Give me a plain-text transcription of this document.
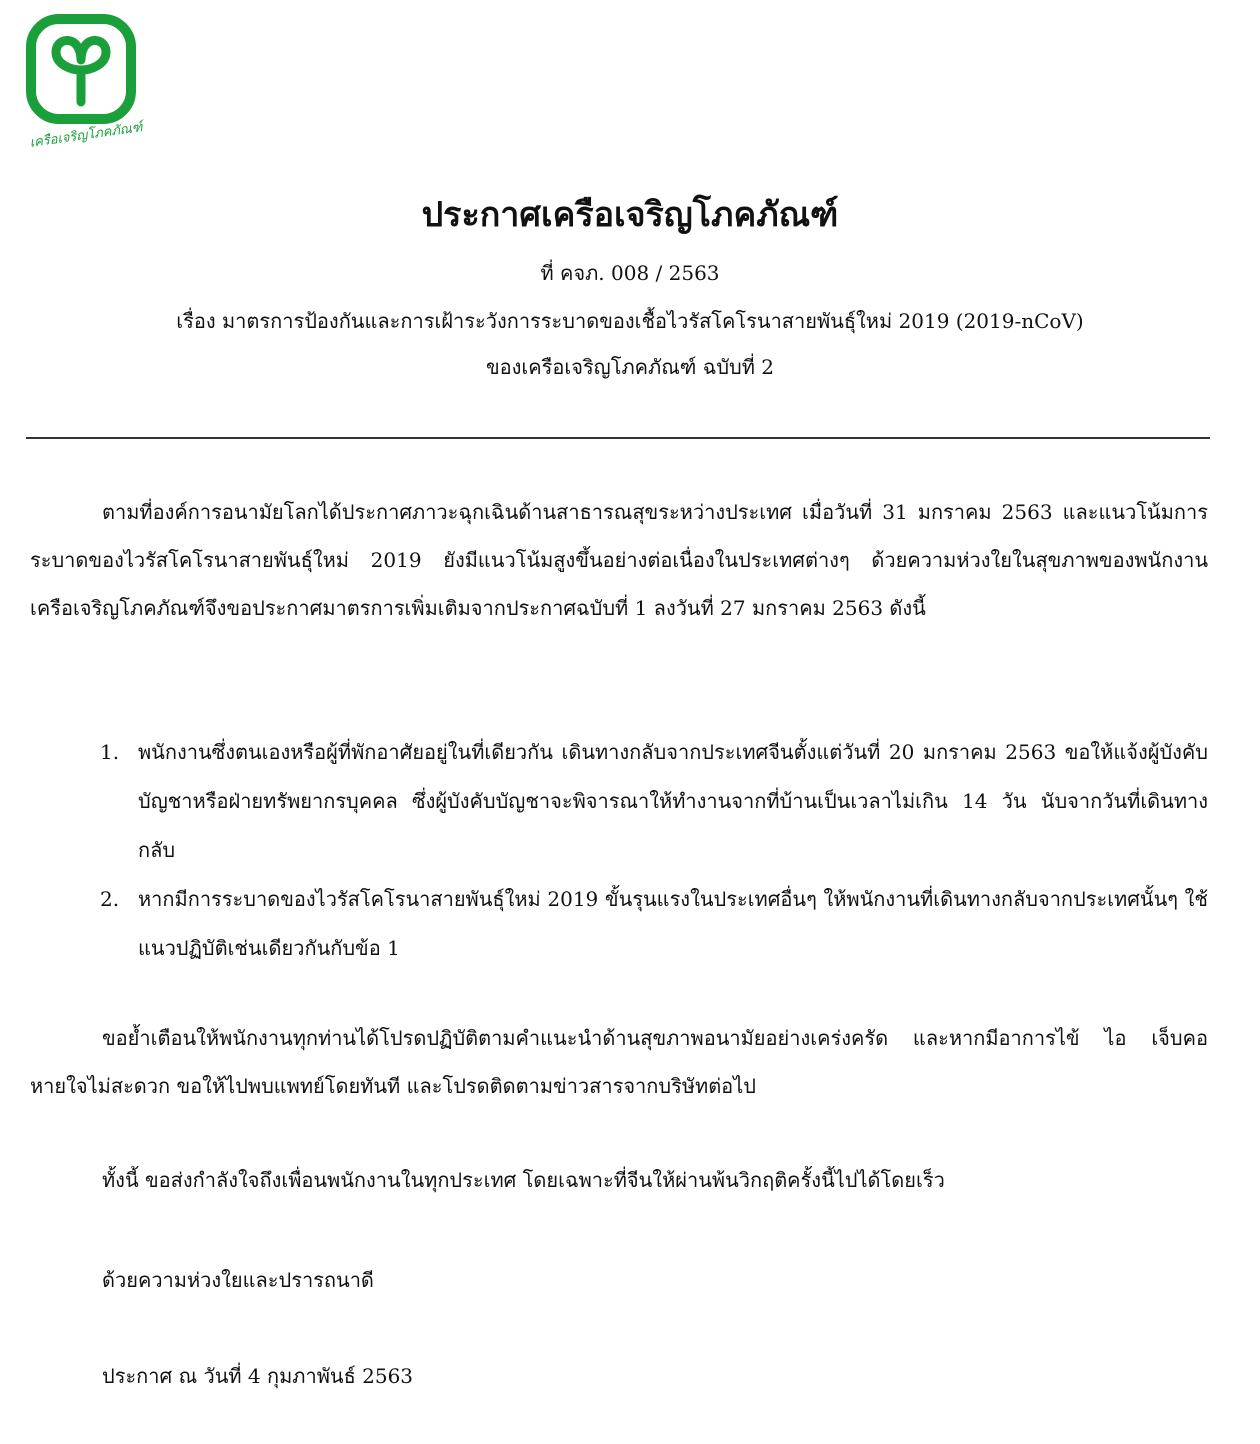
เครือเจริญโภคภัณฑ์
ประกาศเครือเจริญโภคภัณฑ์
ที่ คจภ. 008 / 2563
เรื่อง มาตรการป้องกันและการเฝ้าระวังการระบาดของเชื้อไวรัสโคโรนาสายพันธุ์ใหม่ 2019 (2019-nCoV)
ของเครือเจริญโภคภัณฑ์ ฉบับที่ 2
ตามที่องค์การอนามัยโลกได้ประกาศภาวะฉุกเฉินด้านสาธารณสุขระหว่างประเทศ เมื่อวันที่ 31 มกราคม 2563 และแนวโน้มการระบาดของไวรัสโคโรนาสายพันธุ์ใหม่ 2019 ยังมีแนวโน้มสูงขึ้นอย่างต่อเนื่องในประเทศต่างๆ ด้วยความห่วงใยในสุขภาพของพนักงาน เครือเจริญโภคภัณฑ์จึงขอประกาศมาตรการเพิ่มเติมจากประกาศฉบับที่ 1 ลงวันที่ 27 มกราคม 2563 ดังนี้
1. พนักงานซึ่งตนเองหรือผู้ที่พักอาศัยอยู่ในที่เดียวกัน เดินทางกลับจากประเทศจีนตั้งแต่วันที่ 20 มกราคม 2563 ขอให้แจ้งผู้บังคับบัญชาหรือฝ่ายทรัพยากรบุคคล ซึ่งผู้บังคับบัญชาจะพิจารณาให้ทำงานจากที่บ้านเป็นเวลาไม่เกิน 14 วัน นับจากวันที่เดินทางกลับ
2. หากมีการระบาดของไวรัสโคโรนาสายพันธุ์ใหม่ 2019 ขั้นรุนแรงในประเทศอื่นๆ ให้พนักงานที่เดินทางกลับจากประเทศนั้นๆ ใช้แนวปฏิบัติเช่นเดียวกันกับข้อ 1
ขอย้ำเตือนให้พนักงานทุกท่านได้โปรดปฏิบัติตามคำแนะนำด้านสุขภาพอนามัยอย่างเคร่งครัด และหากมีอาการไข้ ไอ เจ็บคอ หายใจไม่สะดวก ขอให้ไปพบแพทย์โดยทันที และโปรดติดตามข่าวสารจากบริษัทต่อไป
ทั้งนี้ ขอส่งกำลังใจถึงเพื่อนพนักงานในทุกประเทศ โดยเฉพาะที่จีนให้ผ่านพ้นวิกฤติครั้งนี้ไปได้โดยเร็ว
ด้วยความห่วงใยและปรารถนาดี
ประกาศ ณ วันที่ 4 กุมภาพันธ์ 2563
